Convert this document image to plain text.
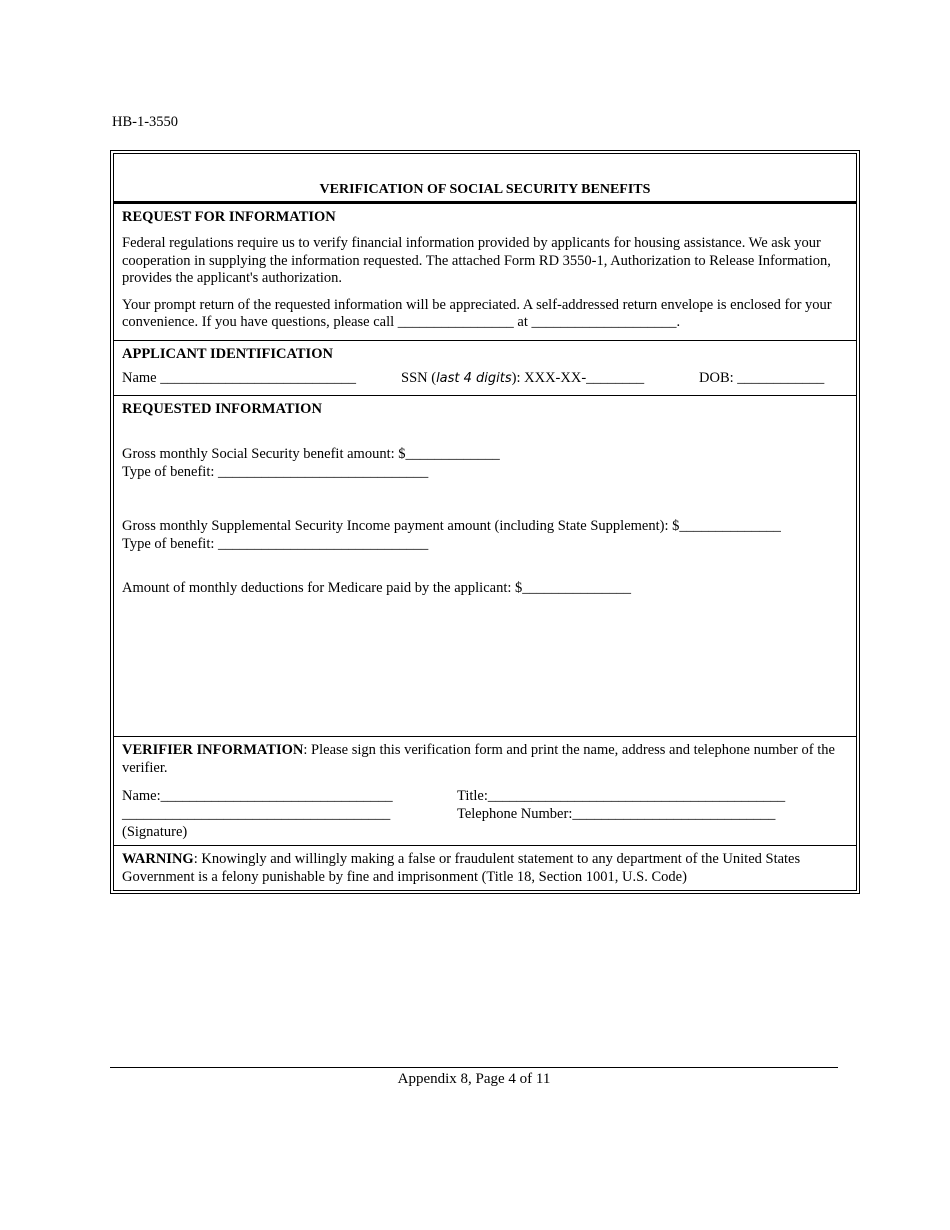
HB-1-3550
VERIFICATION OF SOCIAL SECURITY BENEFITS
REQUEST FOR INFORMATION

Federal regulations require us to verify financial information provided by applicants for housing assistance. We ask your cooperation in supplying the information requested. The attached Form RD 3550-1, Authorization to Release Information, provides the applicant's authorization.

Your prompt return of the requested information will be appreciated. A self-addressed return envelope is enclosed for your convenience. If you have questions, please call ________________ at ____________________.

APPLICANT IDENTIFICATION
Name ___________________________	SSN (last 4 digits): XXX-XX-________	DOB: ____________
REQUESTED INFORMATION
Gross monthly Social Security benefit amount: $_____________
Type of benefit: _____________________________
Gross monthly Supplemental Security Income payment amount (including State Supplement): $______________
Type of benefit: _____________________________
Amount of monthly deductions for Medicare paid by the applicant: $_______________

VERIFIER INFORMATION: Please sign this verification form and print the name, address and telephone number of the verifier.

Name:________________________________
_____________________________________
(Signature)
Title:_________________________________________
Telephone Number:____________________________

WARNING: Knowingly and willingly making a false or fraudulent statement to any department of the United States Government is a felony punishable by fine and imprisonment (Title 18, Section 1001, U.S. Code)

Appendix 8, Page 4 of 11
